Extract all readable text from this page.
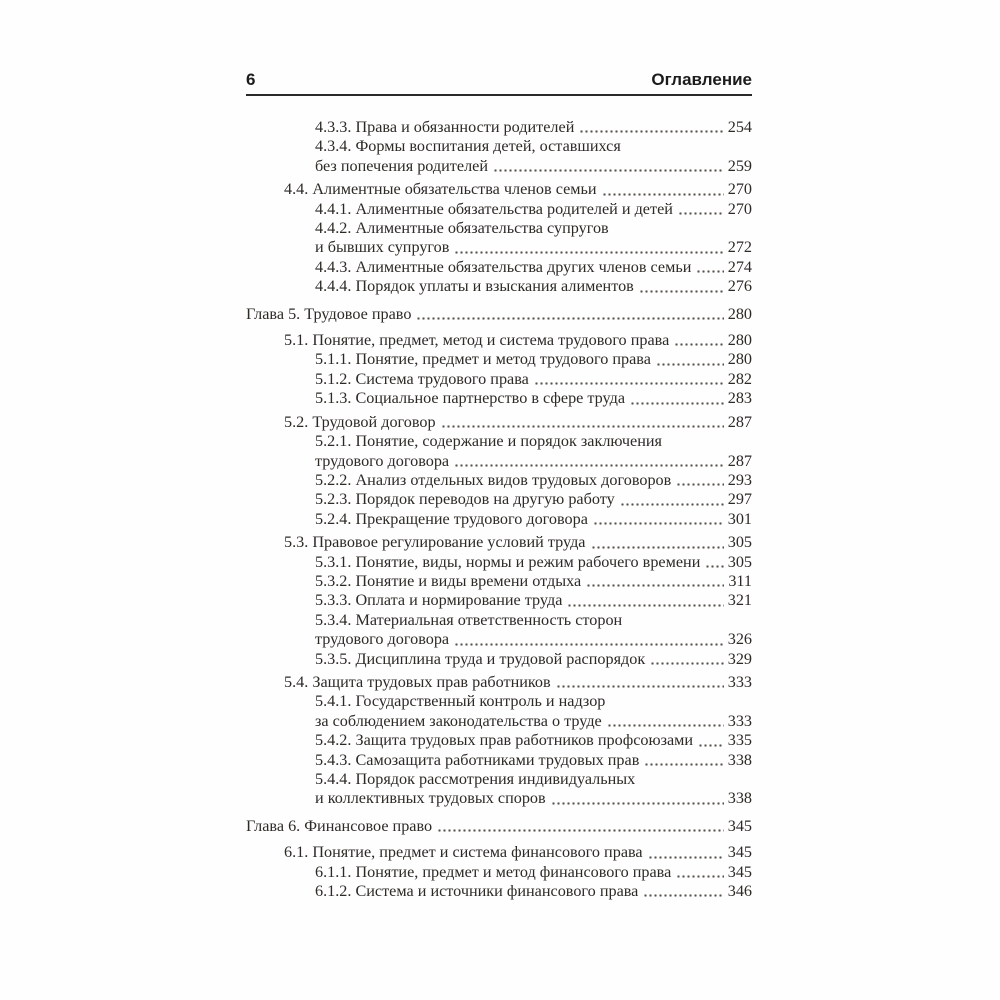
6	Оглавление
4.3.3. Права и обязанности родителей	254
4.3.4. Формы воспитания детей, оставшихся
без попечения родителей	259
4.4. Алиментные обязательства членов семьи	270
4.4.1. Алиментные обязательства родителей и детей	270
4.4.2. Алиментные обязательства супругов
и бывших супругов	272
4.4.3. Алиментные обязательства других членов семьи 274
4.4.4. Порядок уплаты и взыскания алиментов	276
Глава 5. Трудовое право	280
5.1. Понятие, предмет, метод и система трудового права	280
5.1.1. Понятие, предмет и метод трудового права	280
5.1.2. Система трудового права	282
5.1.3. Социальное партнерство в сфере труда	283
5.2. Трудовой договор	287
5.2.1. Понятие, содержание и порядок заключения
трудового договора	287
5.2.2. Анализ отдельных видов трудовых договоров	293
5.2.3. Порядок переводов на другую работу	297
5.2.4. Прекращение трудового договора	301
5.3. Правовое регулирование условий труда	305
5.3.1. Понятие, виды, нормы и режим рабочего времени 305
5.3.2. Понятие и виды времени отдыха	311
5.3.3. Оплата и нормирование труда	321
5.3.4. Материальная ответственность сторон
трудового договора	326
5.3.5. Дисциплина труда и трудовой распорядок	329
5.4. Защита трудовых прав работников	333
5.4.1. Государственный контроль и надзор
за соблюдением законодательства о труде	333
5.4.2. Защита трудовых прав работников профсоюзами 335
5.4.3. Самозащита работниками трудовых прав	338
5.4.4. Порядок рассмотрения индивидуальных
и коллективных трудовых споров	338
Глава 6. Финансовое право	345
6.1. Понятие, предмет и система финансового права	345
6.1.1. Понятие, предмет и метод финансового права	345
6.1.2. Система и источники финансового права	346
